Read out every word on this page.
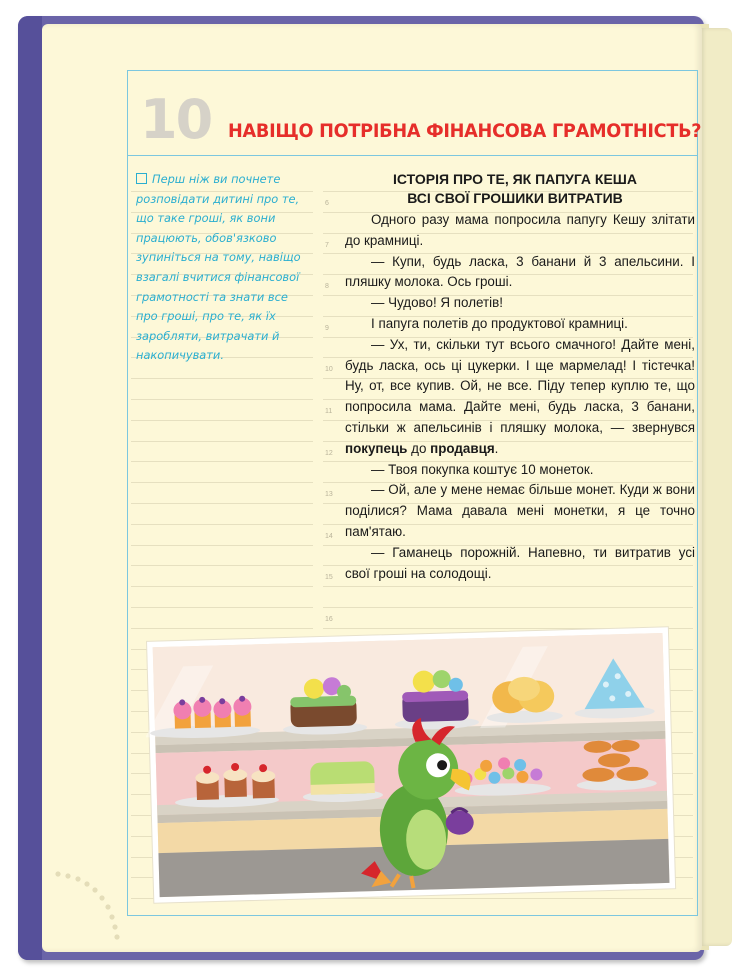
10 НАВІЩО ПОТРІБНА ФІНАНСОВА ГРАМОТНІСТЬ?
6
7
8
9
10
11
12
13
14
15
16
Перш ніж ви почнете розповідати дитині про те, що таке гроші, як вони працюють, обов'язково зупиніться на тому, навіщо взагалі вчитися фінансової грамотності та знати все про гроші, про те, як їх заробляти, витрачати й накопичувати.
ІСТОРІЯ ПРО ТЕ, ЯК ПАПУГА КЕША
ВСІ СВОЇ ГРОШИКИ ВИТРАТИВ

Одного разу мама попросила папугу Кешу злітати до крамниці.

— Купи, будь ласка, 3 банани й 3 апельсини. І пляшку молока. Ось гроші.

— Чудово! Я полетів!

І папуга полетів до продуктової крамниці.

— Ух, ти, скільки тут всього смачного! Дайте мені, будь ласка, ось ці цукерки. І ще мармелад! І тістечка! Ну, от, все купив. Ой, не все. Піду тепер куплю те, що попросила мама. Дайте мені, будь ласка, 3 банани, стільки ж апельсинів і пляшку молока, — звернувся покупець до продавця.

— Твоя покупка коштує 10 монеток.

— Ой, але у мене немає більше монет. Куди ж вони поділися? Мама давала мені монетки, я це точно пам'ятаю.

— Гаманець порожній. Напевно, ти витратив усі свої гроші на солодощі.
